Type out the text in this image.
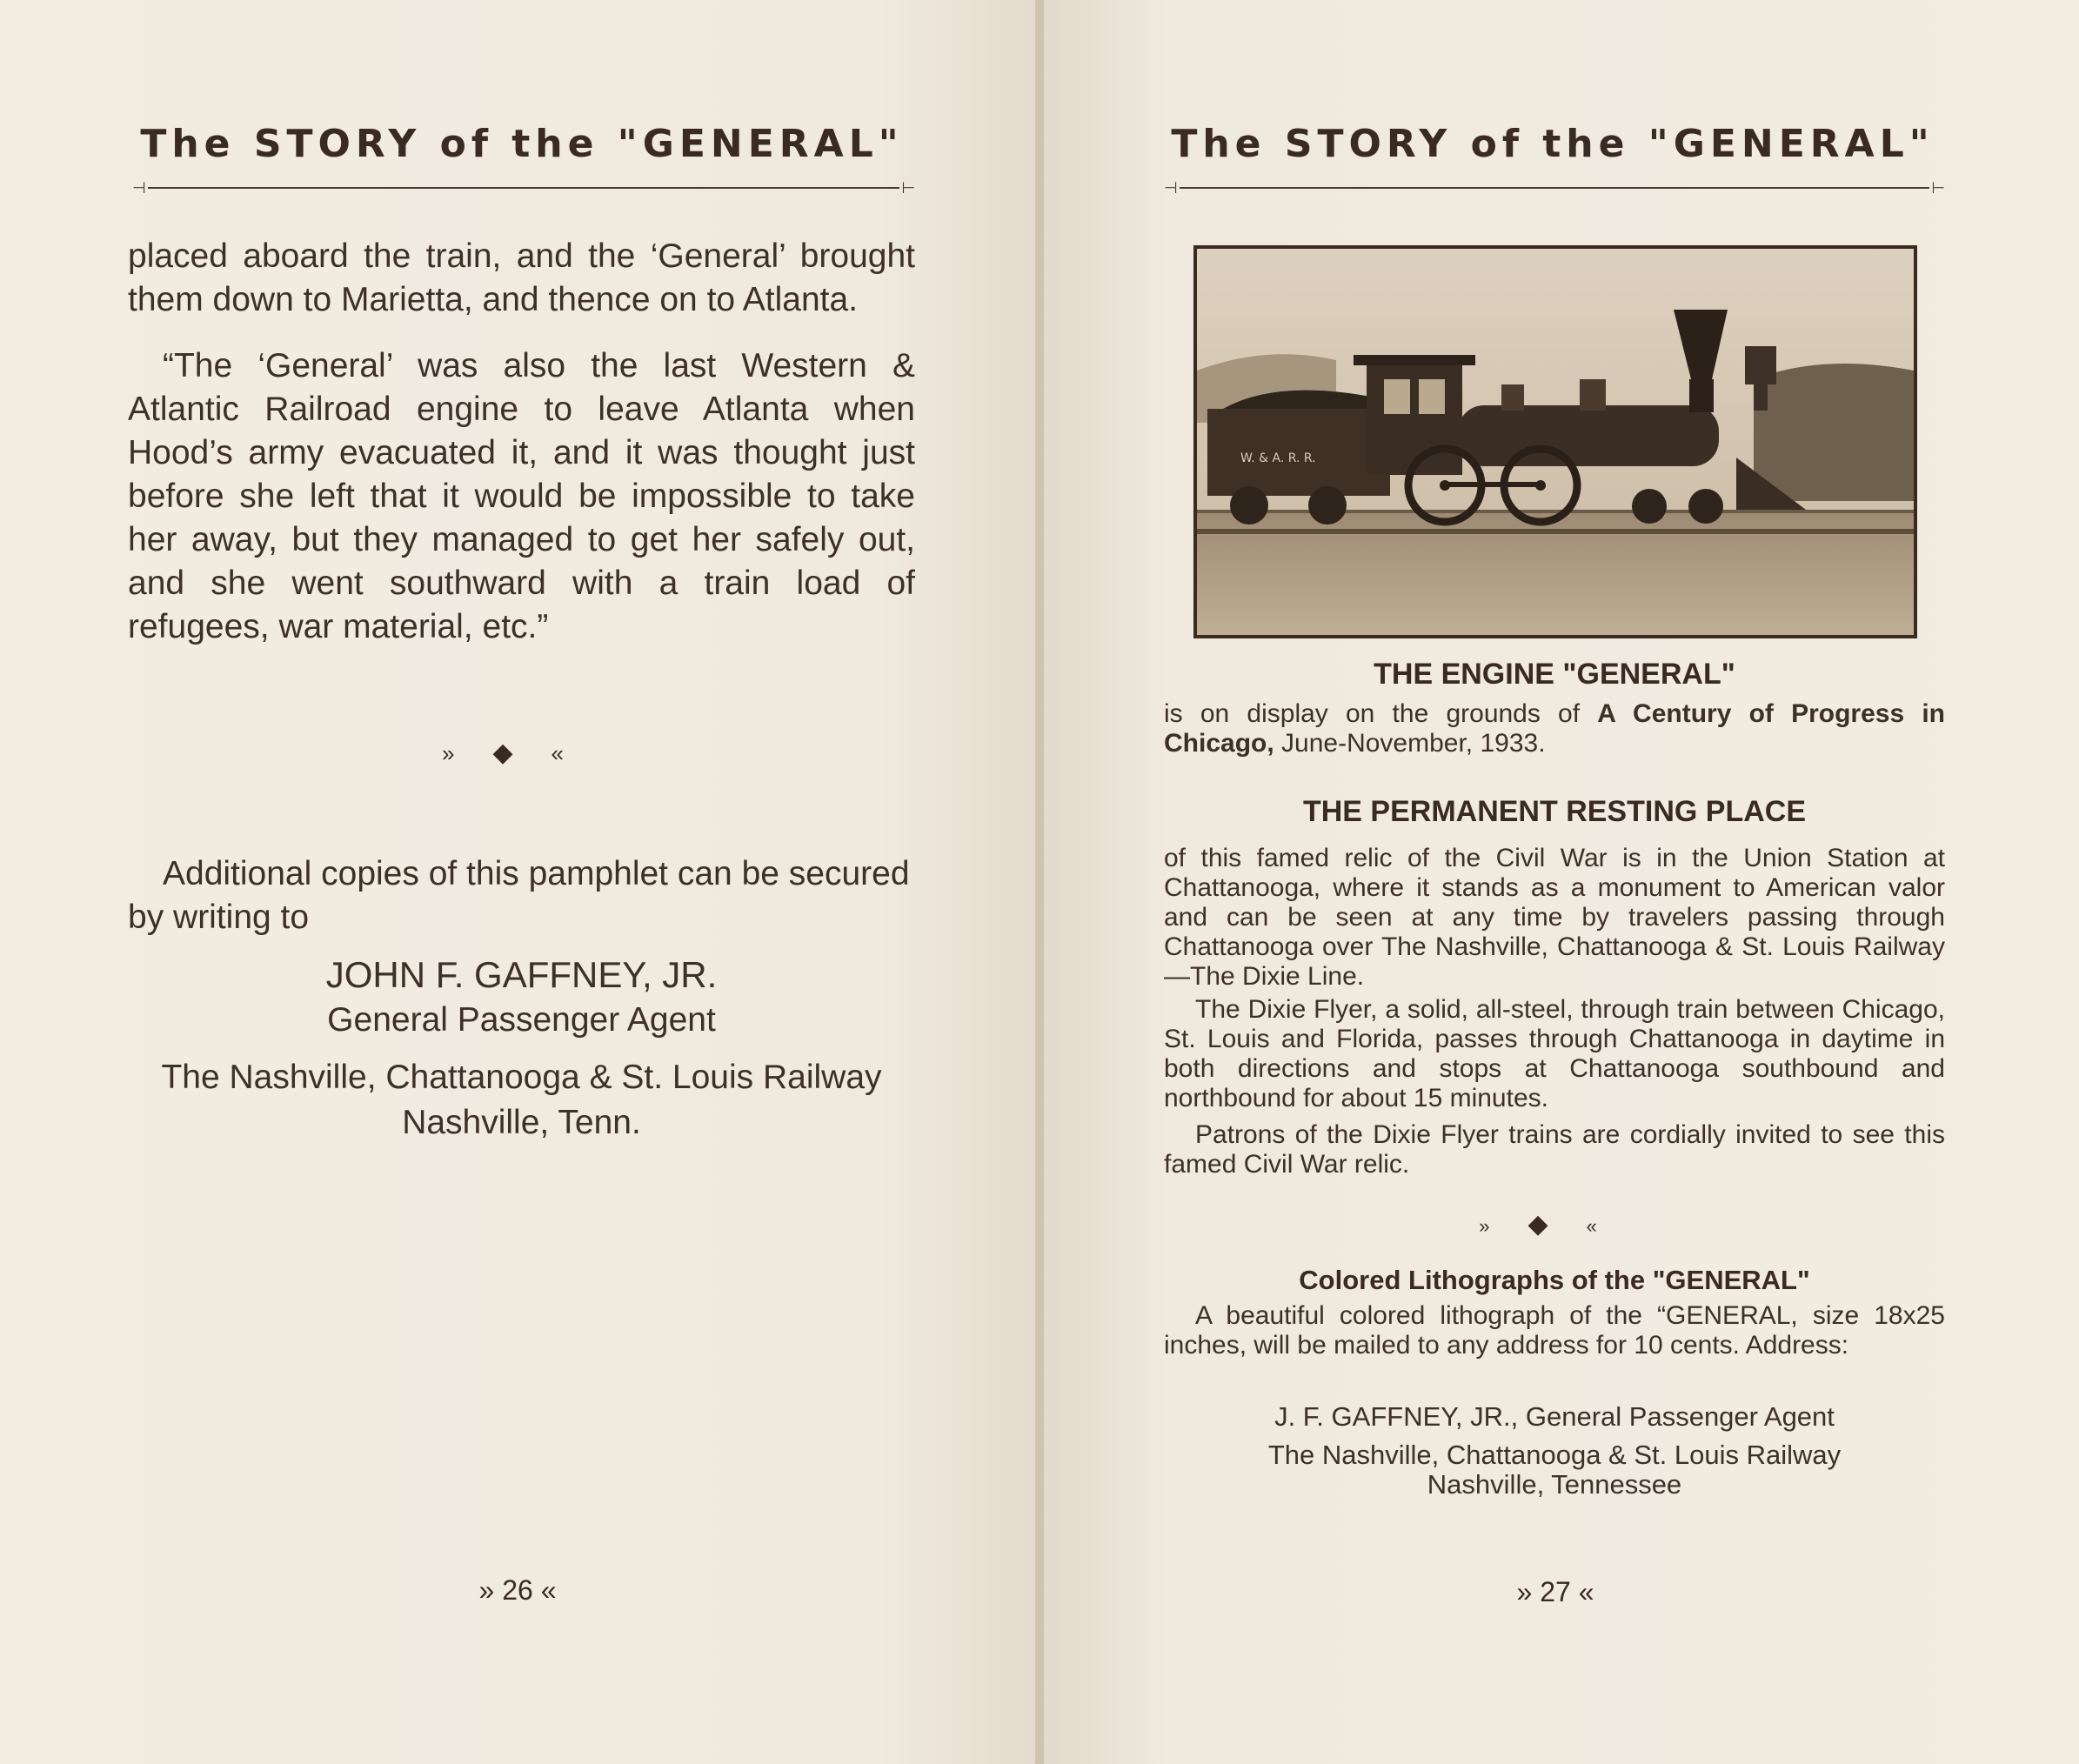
The STORY of the "GENERAL"
⊣	⊢

placed aboard the train, and the ‘General’ brought them down to Marietta, and thence on to Atlanta.

“The ‘General’ was also the last Western & Atlantic Railroad engine to leave Atlanta when Hood’s army evacuated it, and it was thought just before she left that it would be impossible to take her away, but they managed to get her safely out, and she went southward with a train load of refugees, war material, etc.”

»◆«

Additional copies of this pamphlet can be secured by writing to

JOHN F. GAFFNEY, JR.
General Passenger Agent
The Nashville, Chattanooga & St. Louis Railway
Nashville, Tenn.
» 26 «
The STORY of the "GENERAL"
⊣	⊢
W. & A. R. R.
THE ENGINE "GENERAL"

is on display on the grounds of A Century of Progress in Chicago, June-November, 1933.

THE PERMANENT RESTING PLACE

of this famed relic of the Civil War is in the Union Station at Chattanooga, where it stands as a monument to American valor and can be seen at any time by travelers passing through Chattanooga over The Nashville, Chattanooga & St. Louis Railway—The Dixie Line.

The Dixie Flyer, a solid, all-steel, through train between Chicago, St. Louis and Florida, passes through Chattanooga in daytime in both directions and stops at Chattanooga southbound and northbound for about 15 minutes.

Patrons of the Dixie Flyer trains are cordially invited to see this famed Civil War relic.

»◆«
Colored Lithographs of the "GENERAL"

A beautiful colored lithograph of the “GENERAL, size 18x25 inches, will be mailed to any address for 10 cents. Address:

J. F. GAFFNEY, JR., General Passenger Agent
The Nashville, Chattanooga & St. Louis Railway
Nashville, Tennessee
» 27 «
